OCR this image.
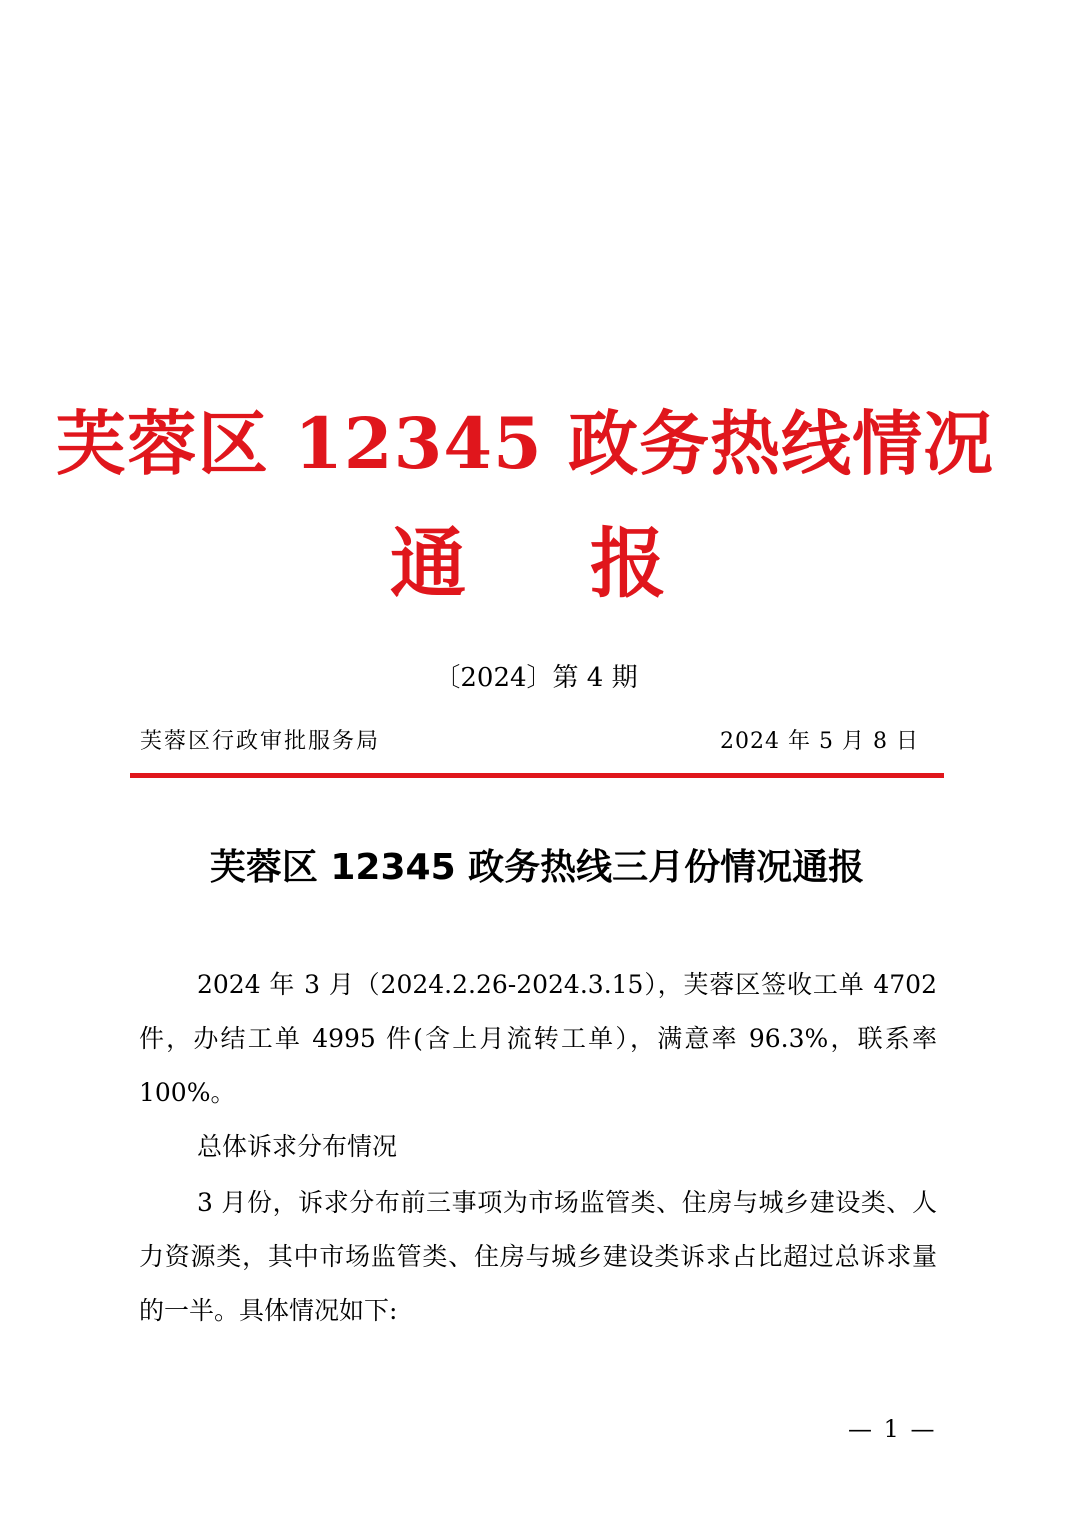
芙蓉区 12345 政务热线情况
通 报
〔2024〕第 4 期
芙蓉区行政审批服务局	2024 年 5 月 8 日
芙蓉区 12345 政务热线三月份情况通报
2024 年 3 月（2024.2.26-2024.3.15），芙蓉区签收工单 4702 件，办结工单 4995 件(含上月流转工单），满意率 96.3%，联系率 100%。
总体诉求分布情况
3 月份，诉求分布前三事项为市场监管类、住房与城乡建设类、人力资源类，其中市场监管类、住房与城乡建设类诉求占比超过总诉求量的一半。具体情况如下:
— 1 —
